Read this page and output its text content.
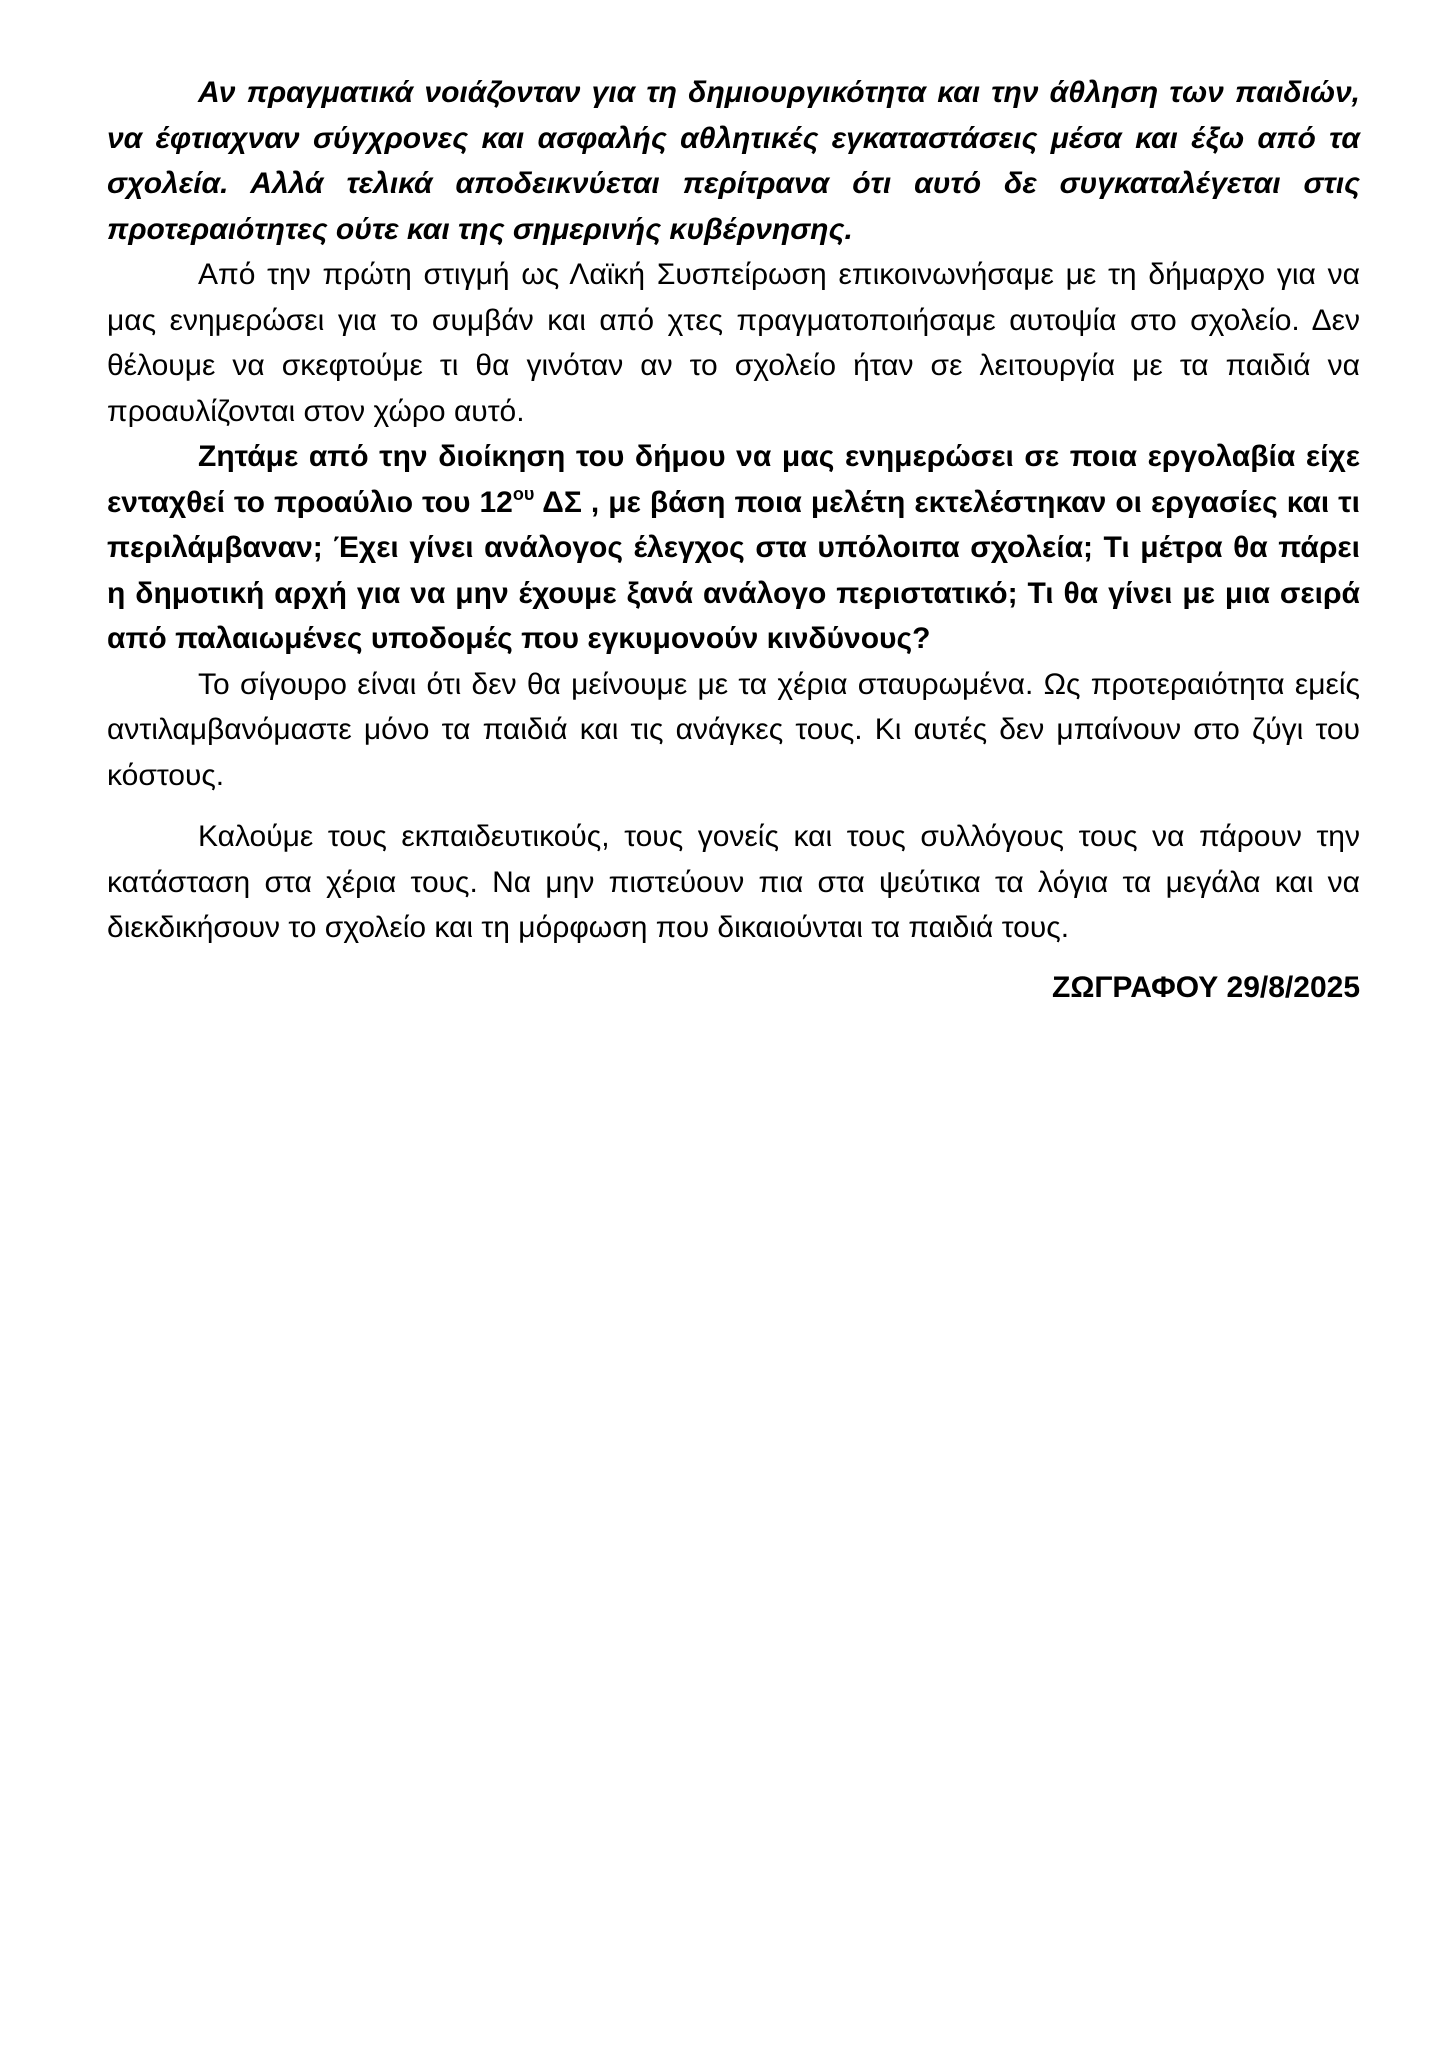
Αν πραγματικά νοιάζονταν για τη δημιουργικότητα και την άθληση των παιδιών, να έφτιαχναν σύγχρονες και ασφαλής αθλητικές εγκαταστάσεις μέσα και έξω από τα σχολεία. Αλλά τελικά αποδεικνύεται περίτρανα ότι αυτό δε συγκαταλέγεται στις προτεραιότητες ούτε και της σημερινής κυβέρνησης.

Από την πρώτη στιγμή ως Λαϊκή Συσπείρωση επικοινωνήσαμε με τη δήμαρχο για να μας ενημερώσει για το συμβάν και από χτες πραγματοποιήσαμε αυτοψία στο σχολείο. Δεν θέλουμε να σκεφτούμε τι θα γινόταν αν το σχολείο ήταν σε λειτουργία με τα παιδιά να προαυλίζονται στον χώρο αυτό.

Ζητάμε από την διοίκηση του δήμου να μας ενημερώσει σε ποια εργολαβία είχε ενταχθεί το προαύλιο του $12^{o\upsilon}$ ΔΣ , με βάση ποια μελέτη εκτελέστηκαν οι εργασίες και τι περιλάμβαναν; Έχει γίνει ανάλογος έλεγχος στα υπόλοιπα σχολεία; Τι μέτρα θα πάρει η δημοτική αρχή για να μην έχουμε ξανά ανάλογο περιστατικό; Τι θα γίνει με μια σειρά από παλαιωμένες υποδομές που εγκυμονούν κινδύνους?

Το σίγουρο είναι ότι δεν θα μείνουμε με τα χέρια σταυρωμένα. Ως προτεραιότητα εμείς αντιλαμβανόμαστε μόνο τα παιδιά και τις ανάγκες τους. Κι αυτές δεν μπαίνουν στο ζύγι του κόστους.

Καλούμε τους εκπαιδευτικούς, τους γονείς και τους συλλόγους τους να πάρουν την κατάσταση στα χέρια τους. Να μην πιστεύουν πια στα ψεύτικα τα λόγια τα μεγάλα και να διεκδικήσουν το σχολείο και τη μόρφωση που δικαιούνται τα παιδιά τους.

ΖΩΓΡΑΦΟΥ 29/8/2025
